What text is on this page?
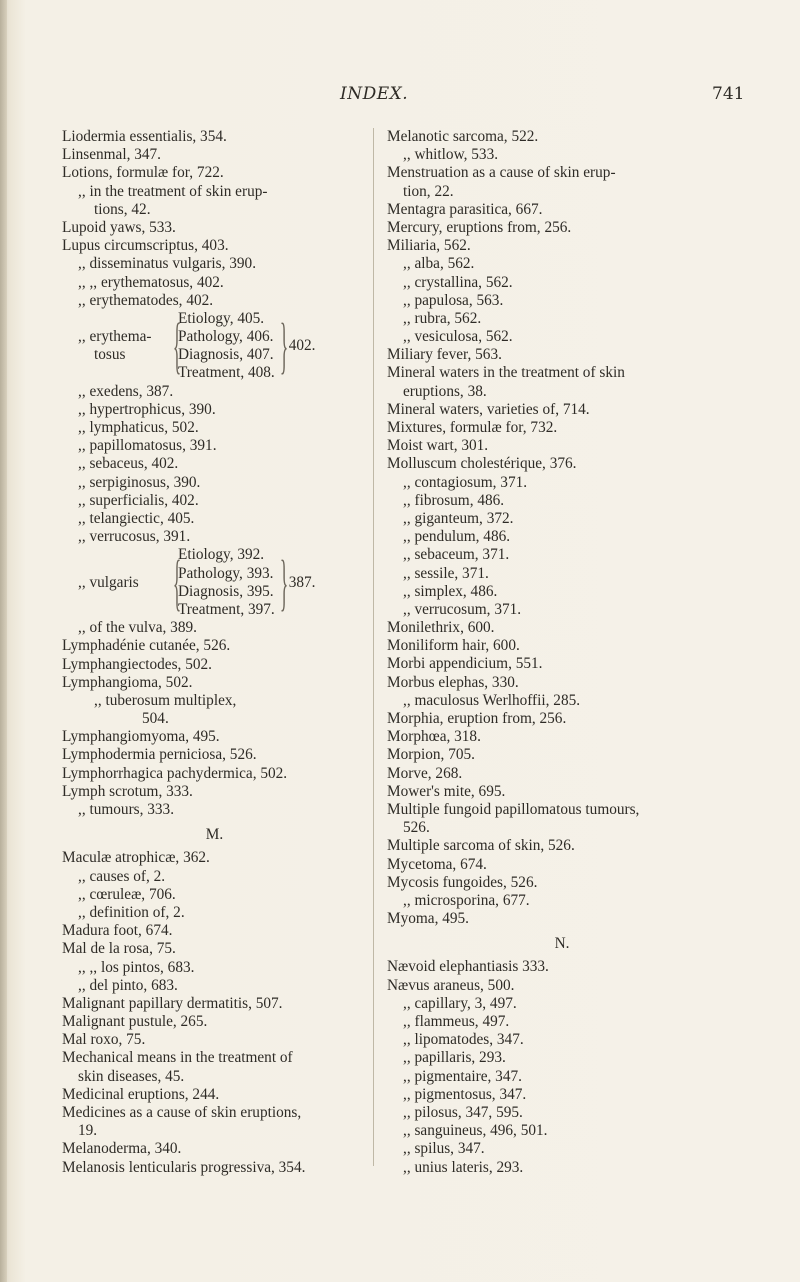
INDEX.	741
Liodermia essentialis, 354.
Linsenmal, 347.
Lotions, formulæ for, 722.
,, in the treatment of skin erup-
tions, 42.
Lupoid yaws, 533.
Lupus circumscriptus, 403.
,, disseminatus vulgaris, 390.
,, ,, erythematosus, 402.
,, erythematodes, 402.
,, erythema-
tosus {
Etiology, 405.
Pathology, 406.
Diagnosis, 407.
Treatment, 408. } 402.
,, exedens, 387.
,, hypertrophicus, 390.
,, lymphaticus, 502.
,, papillomatosus, 391.
,, sebaceus, 402.
,, serpiginosus, 390.
,, superficialis, 402.
,, telangiectic, 405.
,, verrucosus, 391.
,, vulgaris {
Etiology, 392.
Pathology, 393.
Diagnosis, 395.
Treatment, 397. } 387.
,, of the vulva, 389.
Lymphadénie cutanée, 526.
Lymphangiectodes, 502.
Lymphangioma, 502.
,, tuberosum multiplex,
504.
Lymphangiomyoma, 495.
Lymphodermia perniciosa, 526.
Lymphorrhagica pachydermica, 502.
Lymph scrotum, 333.
,, tumours, 333.
M.
Maculæ atrophicæ, 362.
,, causes of, 2.
,, cœruleæ, 706.
,, definition of, 2.
Madura foot, 674.
Mal de la rosa, 75.
,, ,, los pintos, 683.
,, del pinto, 683.
Malignant papillary dermatitis, 507.
Malignant pustule, 265.
Mal roxo, 75.
Mechanical means in the treatment of
skin diseases, 45.
Medicinal eruptions, 244.
Medicines as a cause of skin eruptions,
19.
Melanoderma, 340.
Melanosis lenticularis progressiva, 354.
Melanotic sarcoma, 522.
,, whitlow, 533.
Menstruation as a cause of skin erup-
tion, 22.
Mentagra parasitica, 667.
Mercury, eruptions from, 256.
Miliaria, 562.
,, alba, 562.
,, crystallina, 562.
,, papulosa, 563.
,, rubra, 562.
,, vesiculosa, 562.
Miliary fever, 563.
Mineral waters in the treatment of skin
eruptions, 38.
Mineral waters, varieties of, 714.
Mixtures, formulæ for, 732.
Moist wart, 301.
Molluscum cholestérique, 376.
,, contagiosum, 371.
,, fibrosum, 486.
,, giganteum, 372.
,, pendulum, 486.
,, sebaceum, 371.
,, sessile, 371.
,, simplex, 486.
,, verrucosum, 371.
Monilethrix, 600.
Moniliform hair, 600.
Morbi appendicium, 551.
Morbus elephas, 330.
,, maculosus Werlhoffii, 285.
Morphia, eruption from, 256.
Morphœa, 318.
Morpion, 705.
Morve, 268.
Mower's mite, 695.
Multiple fungoid papillomatous tumours,
526.
Multiple sarcoma of skin, 526.
Mycetoma, 674.
Mycosis fungoides, 526.
,, microsporina, 677.
Myoma, 495.
N.
Nævoid elephantiasis 333.
Nævus araneus, 500.
,, capillary, 3, 497.
,, flammeus, 497.
,, lipomatodes, 347.
,, papillaris, 293.
,, pigmentaire, 347.
,, pigmentosus, 347.
,, pilosus, 347, 595.
,, sanguineus, 496, 501.
,, spilus, 347.
,, unius lateris, 293.
